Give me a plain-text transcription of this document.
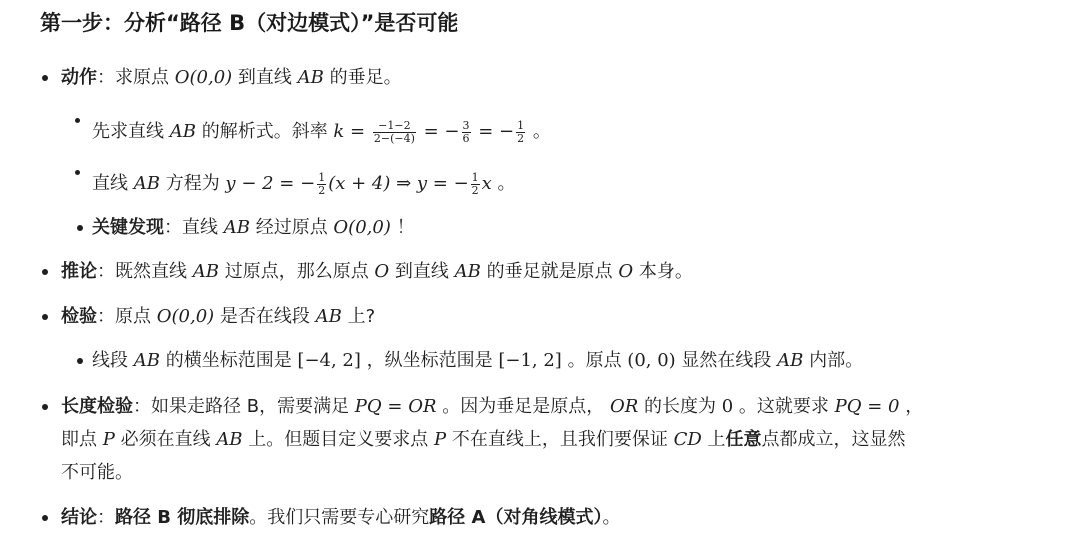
第一步：分析“路径 B（对边模式）”是否可能
动作：求原点 O(0,0) 到直线 AB 的垂足。
先求直线 AB 的解析式。斜率 $k = \frac{-1-2}{2-(-4)}$ = − $\frac{3}{6}$ = − $\frac{1}{2}$ 。
直线 AB 方程为 y − 2 = − $\frac{1}{2} (x + 4)$ ⇒ y = − $\frac{1}{2}$ x 。
关键发现：直线 AB 经过原点 O(0,0) ！
推论：既然直线 AB 过原点，那么原点 O 到直线 AB 的垂足就是原点 O 本身。
检验：原点 O(0,0) 是否在线段 AB 上?
线段 AB 的横坐标范围是 [−4, 2] ，纵坐标范围是 [−1, 2] 。原点 (0, 0) 显然在线段 AB 内部。
长度检验：如果走路径 B，需要满足 PQ = OR 。因为垂足是原点， OR 的长度为 0 。这就要求 PQ = 0 ，
即点 P 必须在直线 AB 上。但题目定义要求点 P 不在直线上，且我们要保证 CD 上任意点都成立，这显然
不可能。
结论：路径 B 彻底排除。我们只需要专心研究路径 A（对角线模式）。
